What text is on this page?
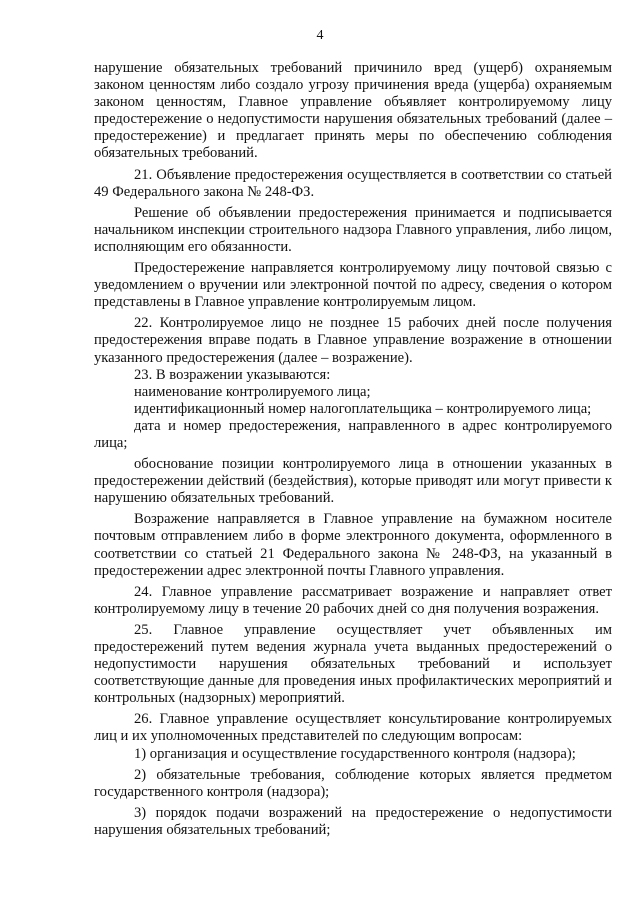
4

нарушение обязательных требований причинило вред (ущерб) охраняемым законом ценностям либо создало угрозу причинения вреда (ущерба) охраняемым законом ценностям, Главное управление объявляет контролируемому лицу предостережение о недопустимости нарушения обязательных требований (далее – предостережение) и предлагает принять меры по обеспечению соблюдения обязательных требований.

21. Объявление предостережения осуществляется в соответствии со статьей 49 Федерального закона № 248-ФЗ.

Решение об объявлении предостережения принимается и подписывается начальником инспекции строительного надзора Главного управления, либо лицом, исполняющим его обязанности.

Предостережение направляется контролируемому лицу почтовой связью с уведомлением о вручении или электронной почтой по адресу, сведения о котором представлены в Главное управление контролируемым лицом.

22. Контролируемое лицо не позднее 15 рабочих дней после получения предостережения вправе подать в Главное управление возражение в отношении указанного предостережения (далее – возражение).

23. В возражении указываются:

наименование контролируемого лица;

идентификационный номер налогоплательщика – контролируемого лица;

дата и номер предостережения, направленного в адрес контролируемого лица;

обоснование позиции контролируемого лица в отношении указанных в предостережении действий (бездействия), которые приводят или могут привести к нарушению обязательных требований.

Возражение направляется в Главное управление на бумажном носителе почтовым отправлением либо в форме электронного документа, оформленного в соответствии со статьей 21 Федерального закона № 248-ФЗ, на указанный в предостережении адрес электронной почты Главного управления.

24. Главное управление рассматривает возражение и направляет ответ контролируемому лицу в течение 20 рабочих дней со дня получения возражения.

25. Главное управление осуществляет учет объявленных им предостережений путем ведения журнала учета выданных предостережений о недопустимости нарушения обязательных требований и использует соответствующие данные для проведения иных профилактических мероприятий и контрольных (надзорных) мероприятий.

26. Главное управление осуществляет консультирование контролируемых лиц и их уполномоченных представителей по следующим вопросам:

1) организация и осуществление государственного контроля (надзора);

2) обязательные требования, соблюдение которых является предметом государственного контроля (надзора);

3) порядок подачи возражений на предостережение о недопустимости нарушения обязательных требований;
